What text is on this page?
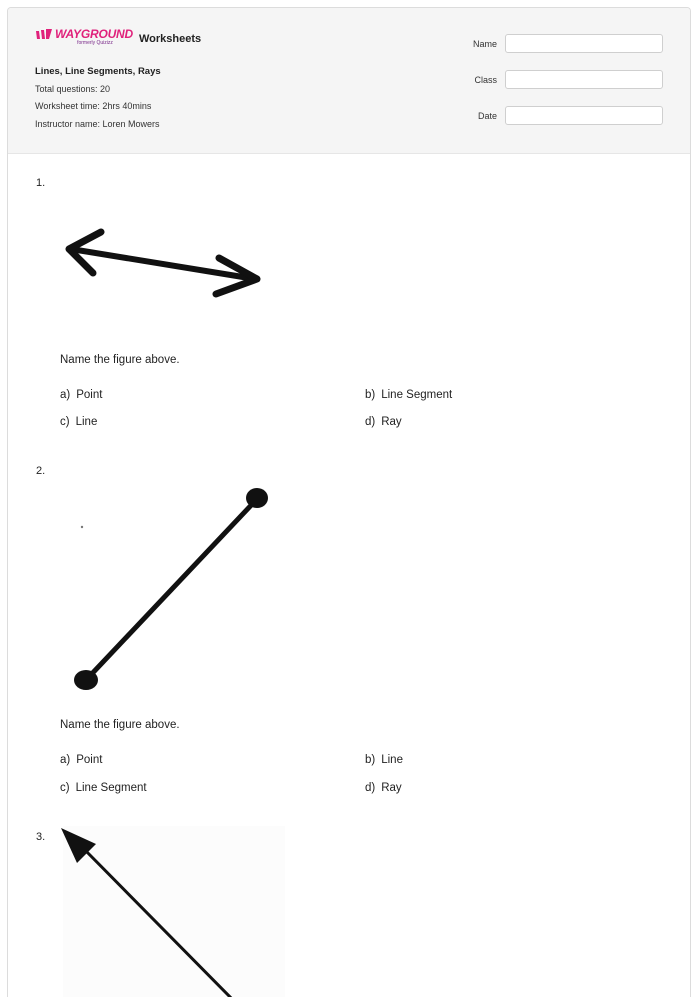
WAYGROUND
formerly Quizizz Worksheets
Lines, Line Segments, Rays
Total questions: 20
Worksheet time: 2hrs 40mins
Instructor name: Loren Mowers
Name
Class
Date
1.
Name the figure above.
a) Point	b) Line Segment
c) Line	d) Ray
2.
Name the figure above.
a) Point	b) Line
c) Line Segment	d) Ray
3.
